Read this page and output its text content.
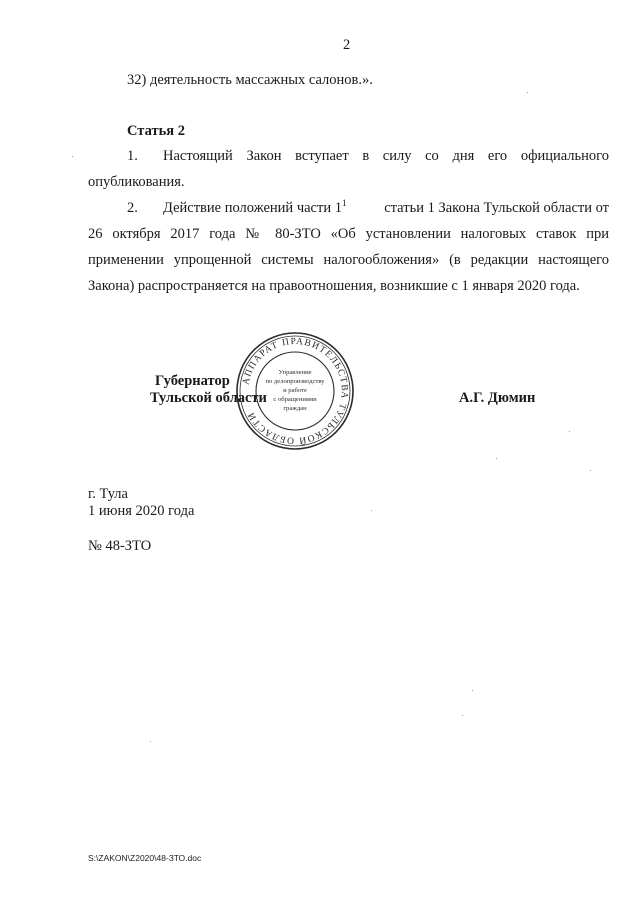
2
32) деятельность массажных салонов.».
Статья 2
1. Настоящий Закон вступает в силу со дня его официального
опубликования.
2. Действие положений части $1^1$	статьи 1 Закона Тульской области от
26 октября 2017 года № 80-ЗТО «Об установлении налоговых ставок при
применении упрощенной системы налогообложения» (в редакции настоящего
Закона) распространяется на правоотношения, возникшие с 1 января 2020 года.
АППАРАТ ПРАВИТЕЛЬСТВА ТУЛЬСКОЙ ОБЛАСТИ
Управление
по делопроизводству
и работе
с обращениями
граждан
Губернатор
Тульской области	А.Г. Дюмин
г. Тула
1 июня 2020 года
№ 48-ЗТО
S:\ZAKON\Z2020\48-ЗТО.doc
